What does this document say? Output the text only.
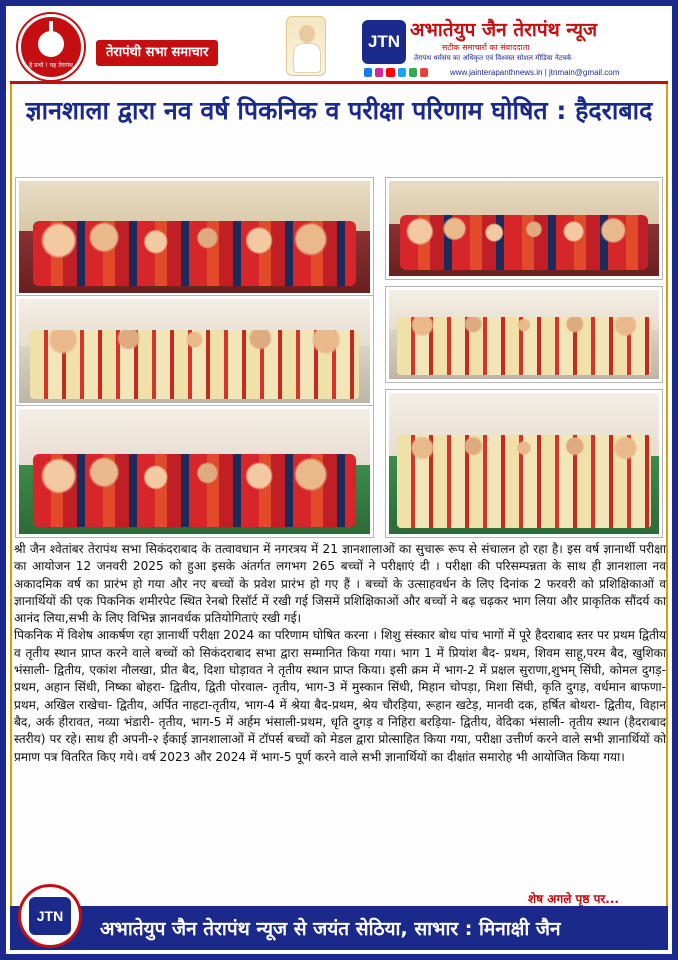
हे प्रभो ! यह तेरापंथ
तेरापंथी सभा समाचार
JTN
अभातेयुप जैन तेरापंथ न्यूज
सटीक समाचारों का संवाददाता
तेरापंथ धर्मसंघ का अधिकृत एवं विश्वस्त सोशल मीडिया नेटवर्क
www.jainterapanthnews.in | jtnmain@gmail.com
ज्ञानशाला द्वारा नव वर्ष पिकनिक व परीक्षा परिणाम घोषित : हैदराबाद

श्री जैन श्वेतांबर तेरापंथ सभा सिकंदराबाद के तत्वावधान में नगरत्रय में 21 ज्ञानशालाओं का सुचारू रूप से संचालन हो रहा है। इस वर्ष ज्ञानार्थी परीक्षा का आयोजन 12 जनवरी 2025 को हुआ इसके अंतर्गत लगभग 265 बच्चों ने परीक्षाएं दी । परीक्षा की परिसम्पन्नता के साथ ही ज्ञानशाला नव अकादमिक वर्ष का प्रारंभ हो गया और नए बच्चों के प्रवेश प्रारंभ हो गए हैं । बच्चों के उत्साहवर्धन के लिए दिनांक 2 फरवरी को प्रशिक्षिकाओं व ज्ञानार्थियों की एक पिकनिक शमीरपेट स्थित रेनबो रिसॉर्ट में रखी गई जिसमें प्रशिक्षिकाओं और बच्चों ने बढ़ चढ़कर भाग लिया और प्राकृतिक सौंदर्य का आनंद लिया,सभी के लिए विभिन्न ज्ञानवर्धक प्रतियोगिताएं रखी गई।

पिकनिक में विशेष आकर्षण रहा ज्ञानार्थी परीक्षा 2024 का परिणाम घोषित करना । शिशु संस्कार बोध पांच भागों में पूरे हैदराबाद स्तर पर प्रथम द्वितीय व तृतीय स्थान प्राप्त करने वाले बच्चों को सिकंदराबाद सभा द्वारा सम्मानित किया गया। भाग 1 में प्रियांश बैद- प्रथम, शिवम साहू,परम बैद, खुशिका भंसाली- द्वितीय, एकांश नौलखा, प्रीत बैद, दिशा घोड़ावत ने तृतीय स्थान प्राप्त किया। इसी क्रम में भाग-2 में प्रक्षल सुराणा,शुभम् सिंघी, कोमल दुगड़- प्रथम, अहान सिंधी, निष्का बोहरा- द्वितीय, द्विती पोरवाल- तृतीय, भाग-3 में मुस्कान सिंधी, मिहान चोपड़ा, मिशा सिंघी, कृति दुगड़, वर्धमान बाफणा- प्रथम, अखिल राखेचा- द्वितीय, अर्पित नाहटा-तृतीय, भाग-4 में श्रेया बैद-प्रथम, श्रेय चौरड़िया, रूहान खटेड़, मानवी दक, हर्षित बोथरा- द्वितीय, विहान बैद, अर्क हीरावत, नव्या भंडारी- तृतीय, भाग-5 में अर्हम भंसाली-प्रथम, धृति दुगड़ व निहिरा बरड़िया- द्वितीय, वेदिका भंसाली- तृतीय स्थान (हैदराबाद स्तरीय) पर रहे। साथ ही अपनी-२ ईकाई ज्ञानशालाओं में टॉपर्स बच्चों को मेडल द्वारा प्रोत्साहित किया गया, परीक्षा उत्तीर्ण करने वाले सभी ज्ञानार्थियों को प्रमाण पत्र वितरित किए गये। वर्ष 2023 और 2024 में भाग-5 पूर्ण करने वाले सभी ज्ञानार्थियों का दीक्षांत समारोह भी आयोजित किया गया।

शेष अगले पृष्ठ पर...
JTN
अभातेयुप जैन तेरापंथ न्यूज से जयंत सेठिया, साभार : मिनाक्षी जैन
